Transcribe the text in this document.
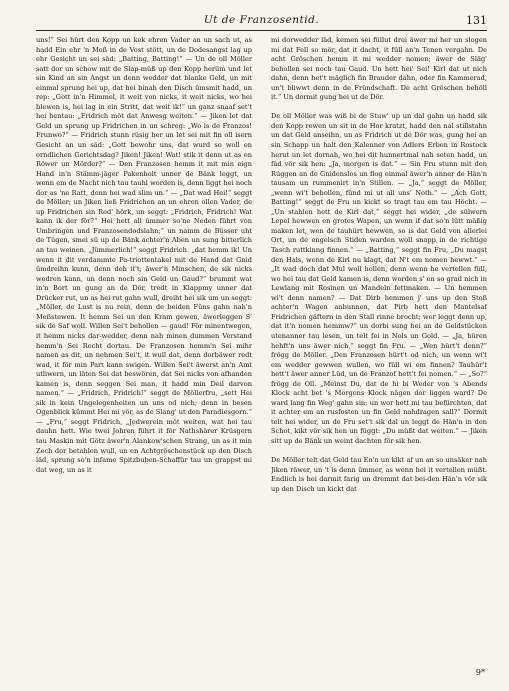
Ut de Franzosentid.	131

uns!“ Sei hürt den Kopp un kek ehren Vader an un sach ut, as hadd Ein ehr 'n Meß in de Vost stött, un de Dodesangst lag up ehr Gesicht un sei säd: „Batting, Batting!“ — Un de oll Möller satt dor un schow mit de Slap-müß up den Kopp herüm und let sin Kind an sin Angst un denn wedder dat blanke Geld, un mit einmal sprung hei up, dat hei binah den Disch ümsmit hadd, un rep: „Gott in'n Himmel, it weit von nicks, it weit nicks, wo hei blewen is, hei lag in ein Stritt, dat weit ik!“ un ganz snaaf set't hei hentau: „Fridrich möt dat Anwesg weiten.“ — Jiken let dat Geld un sprung up Fridrichen in un schreg: „Wo is de Franzos! Frunwo?“ — Fridrich stunn rüsig her un let sei mit fin oll isern Gesicht an un säd: „Gott bewohr uns, dat wurd so woll en orndlichen Gerichtsdag? Jiken! Jiken! Wat! stik it denn ut as en Röwer un Mörder?“ — Den Franzosen hemm it mit min eign Hand in'n Stämm-jäger Pakenholt unner de Bänk leggt, un wenn em de Nacht nich tau tauhl worden is, denn liggt hei noch dor as 'ne Ratt, denn hei wad slim un.“ — „Dat wad Hei!“ seggt de Möller; un Jiken ließ Fridrichen an un ehren ollen Vader, de up Fridrichen sin Red' hörk, un seggt: „Fridrich, Fridrich! Wat kann ik der för?“ Hei hett all ümmer so'ne Neden führt von Umbringen und Franzosendodslahn;“ un namm de Büsser uht de Tügen, smei sü up de Bänk achter'n Aben un sung bitterlich an tau weinen. „Jümmerlich!“ seggt Fridrich. „dat hemm ik! Un wenn it dit verdammte Pa-triottentakel mit de Hand dat Gnid ümdreihn kunn, denn deh it't; äwer'n Minschen, de sik nicks wedren kann, un denn noch sin Geld un Gaud?“ brummt wat in'n Bort un gung an de Dör, tredt in Klappmy unner dat Drücker rut, un as hei rut gahn wull, dreiht hei sik um un seggt: „Möller, de Lust is nu rein, denn de beiden Füns gahn nah'n Meßstewen. It hemm Sei un den Kram gewen, äwerleggen S' sik de Saf woll. Willen Sei't behollen — gaud! För minentwegen, it hemm nicks dar-wedder, denn nah minen dummen Verstand hemm'n Sei Recht dortau. De Franzosen hemm'n Sei mihr namen as dit, un nehmen Sei't, it wull dat, denn dorbäwer redt wad, it för min Part kann swigen. Willen Sei't äwerst an'n Amt utliwern, un läten Sei dat beswören, dat Sei nicks von afhanden kamen is, denn seggen Sei man, it hadd min Deil darvon namen.“ — „Fridrich, Fridrich!“ seggt de Möllerfru, „sett Hei sik in kein Ungelegenheiten un uns od nich; denn in besen Ogenblick kümmt Hei mi vör, as de Slang' ut den Paradiesgorn.“ — „Fru,“ seggt Fridrich, „Jedwerein möt weiten, wat hei tau dauhn hett. Wie twei Johren führt it för Nathshärer Krüsgern tau Maskin mit Götz äwer'n Alankow'schen Strang, un as it min Zech dor betahlen wull, un en Achtgröschenstück up den Disch läd, sprung so'n infame Spitzbuben-Schaffür tau un grappst mi dat weg, un as it

mi dorwedder läd, kemen sei füllut drei äwer mi her un slogen mi dat Fell so mör, dat it dacht, it füll an'n Tenen vergahn. De acht Gröschen hemm it mi wedder nomen; äwer de Släg' behollen sei noch tau Gaud. Un hett hei' Sei! Kirl dat ut nich dahn, denn het't mäglich fin Brauder dahn, oder fin Kammerad, un't bliwwt denn in de Fründschaft. De acht Gröschen behöll it.“ Un dormit gung hei ut de Dör.

De oll Möller was wiß bi de Stuw' up un dal gahn un hadd sik den Kopp rewen un sit in de Hor kratzt, hadd den nal stillstahn un dat Geld anseihn, un as Fridrich ut de Dör was, gung hei an sin Schapp un halt den Kalenner von Adlers Erben in Rostock herut un let dornah, wo hei dit hunnertmal nah seten hadd, un fäd vör sik hen: „Ja, morgen is dat.“ — Sin Fru stunn mit den Rüggen an de Gnidenslos un flog einmal äwer'n anner de Hän'n tausam un rummenirt in'n Stillen. — „Ja,“ seggt de Möller, „wenn wi't behollen, fünd mi ut all uns' Noth.“ — „Ach Gott, Batting!“ seggt de Fru un kickt so tragt tau em tau Höcht. — „Un stahlen hett de Kirl dat,“ seggt hei wider, „de sülwern Lepel hewwen en grotes Wapen, un wenn if dat so'n lütt mäßig maken let, wen de tauhürt hewwen, so is dat Geld von allerlei Ort, un de engelsch Stiden warden woll snapp in de richtige Tasch ruttkinng finnen.“ — „Batting,“ seggt fin Fru, „Du magst den Hals, wenn de Kirl nu klagt, dat N't em nomen hewwt.“ — „It wad doch dat Mul woll hollen, denn wenn he vertellen füll, wo hei tau dat Geld kamen is, denn worden s' en so grad nich in Lewlang mit Rosinen un Mandeln fettmaken. — Un hemmen wi't denn namen? — Dat Dirb hemmen j' uns up den Stoß achter'n Wagen anbunnen, dat Pirb hett den Mantelsaf Fridrichen gäftern in den Stall rinne brocht; wer leggt denn up, dat it'n nomen hemmw?“ un dorbi sung hei an de Geldstücken utenanner tau lesen, un telt fei in Nols un Gold. — „Ja, hüren hehft'n uns äwer nich,“ seggt fin Fru. — „Wen hürt't denn?“ frögg de Möller. „Den Franzosen hürt't od nich, un wenn wi't em wedder gewwen wullen, wo füll wi em finnen? Tauhür't hett't äwer anner Lüd, un de Franzof hett't fei nomen.“ — „So?“ frögg de Oll. „Meinst Du, dat de hi bi Weder von 's Abends Klock acht bet 's Morgens Klock nägen dor liggen ward? De ward lang fin Weg' gahn sin; un wor hett mi tau befürchten, dat it achter em an rusfosten un fin Geld nahdragen sall?“ Dormit telt hei wider, un de Fru set't sik dal un leggt de Hän'n in den Schot, kikt vör sik hen un függt: „Du müßt dat weiten.“ — Jiken sitt up de Bänk un weint dachten för sik hen.

De Möller telt dat Geld tau En'n un kikt af un an so unsäker nah Jiken räwer, un 't is denn ümmer, as wenn hei it vertellen müßt. Endlich is hei darmit farig un dremmt dat bei-den Hän'n vör sik up den Disch un kickt dat

9*
